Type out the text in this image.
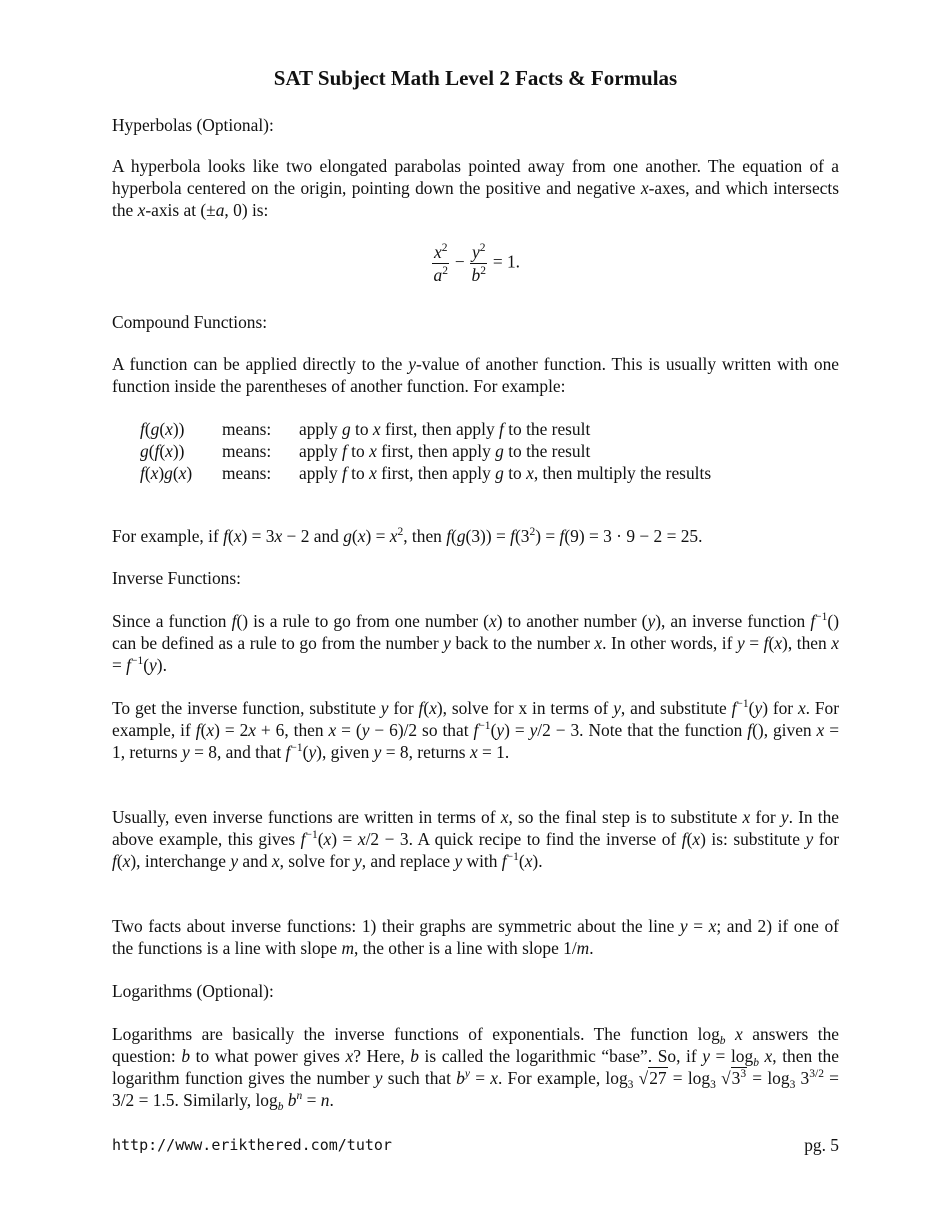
SAT Subject Math Level 2 Facts & Formulas

Hyperbolas (Optional):

A hyperbola looks like two elongated parabolas pointed away from one another. The equation of a hyperbola centered on the origin, pointing down the positive and negative x-axes, and which intersects the x-axis at (±a, 0) is:

$\frac{x^2}{a^2} - \frac{y^2}{b^2} = 1$.

Compound Functions:

A function can be applied directly to the y-value of another function. This is usually written with one function inside the parentheses of another function. For example:

f(g(x))	means:	apply g to x first, then apply f to the result
g(f(x))	means:	apply f to x first, then apply g to the result
f(x)g(x)	means:	apply f to x first, then apply g to x, then multiply the results

For example, if f(x) = 3x − 2 and $g(x) = x^2$, then $f(g(3)) = f(3^2) = f(9) = 3 \cdot 9 - 2 = 25$.

Inverse Functions:

Since a function f() is a rule to go from one number (x) to another number (y), an inverse function $f^{-1}()$ can be defined as a rule to go from the number y back to the number x. In other words, if y = f(x), then $x = f^{-1}(y)$.

To get the inverse function, substitute y for f(x), solve for x in terms of y, and substitute $f^{-1}(y)$ for x. For example, if f(x) = 2x + 6, then x = (y − 6)/2 so that $f^{-1}(y) = y/2 - 3$. Note that the function f(), given x = 1, returns y = 8, and that $f^{-1}(y)$, given y = 8, returns x = 1.

Usually, even inverse functions are written in terms of x, so the final step is to substitute x for y. In the above example, this gives $f^{-1}(x) = x/2 - 3$. A quick recipe to find the inverse of f(x) is: substitute y for f(x), interchange y and x, solve for y, and replace y with $f^{-1}(x)$.

Two facts about inverse functions: 1) their graphs are symmetric about the line y = x; and 2) if one of the functions is a line with slope m, the other is a line with slope 1/m.

Logarithms (Optional):

Logarithms are basically the inverse functions of exponentials. The function $\log_b x$ answers the question: b to what power gives x? Here, b is called the logarithmic “base”. So, if $y = \log_b x$, then the logarithm function gives the number y such that $b^y = x$. For example, $\log_3 √27 = \log_3 √3^3 = \log_3 3^{3/2} = 3/2 = 1.5$. Similarly, $\log_b b^n = n$.

http://www.erikthered.com/tutor	pg. 5
